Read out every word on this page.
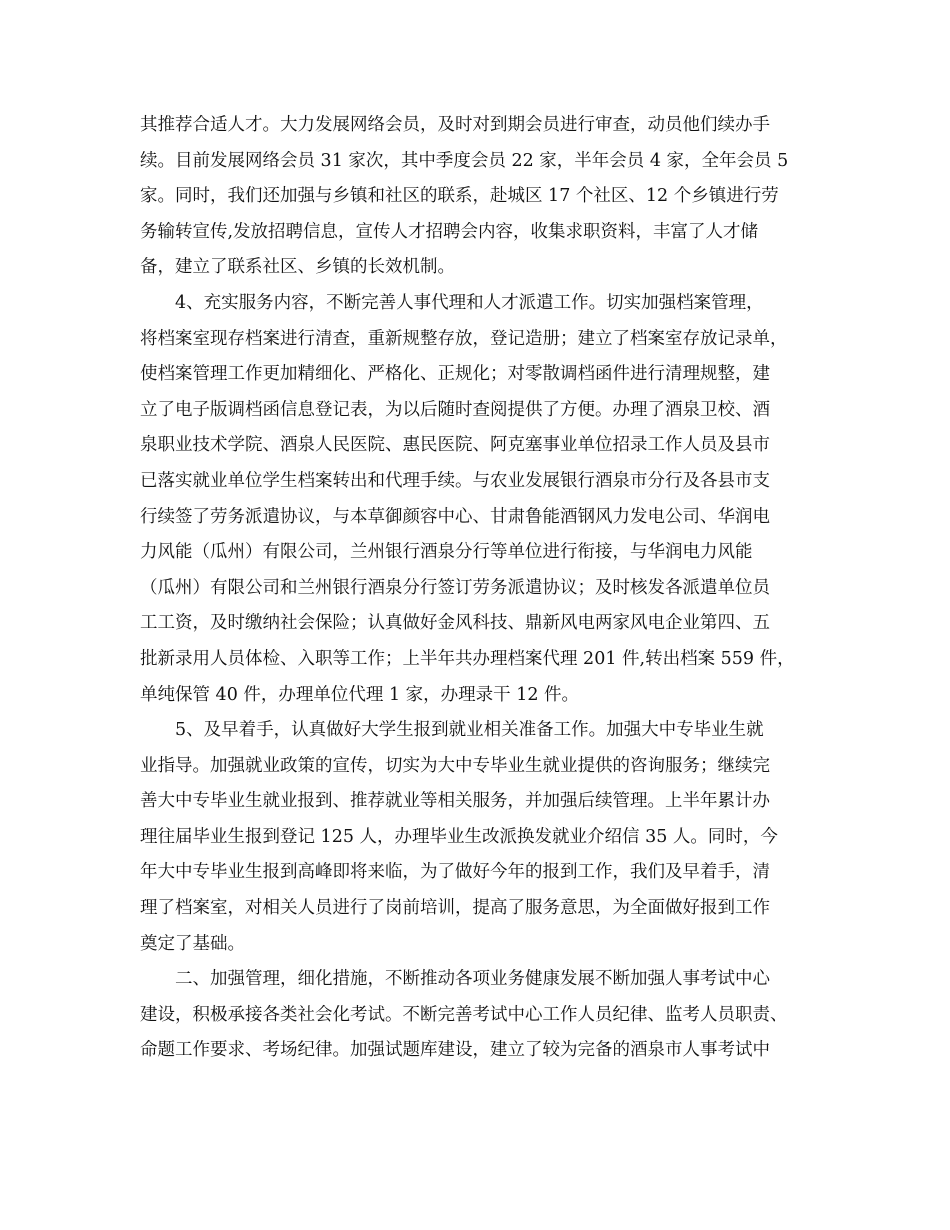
其推荐合适人才。大力发展网络会员，及时对到期会员进行审查，动员他们续办手
续。目前发展网络会员 31 家次，其中季度会员 22 家，半年会员 4 家，全年会员 5
家。同时，我们还加强与乡镇和社区的联系，赴城区 17 个社区、12 个乡镇进行劳
务输转宣传,发放招聘信息，宣传人才招聘会内容，收集求职资料，丰富了人才储
备，建立了联系社区、乡镇的长效机制。
4、充实服务内容，不断完善人事代理和人才派遣工作。切实加强档案管理，
将档案室现存档案进行清查，重新规整存放，登记造册；建立了档案室存放记录单，
使档案管理工作更加精细化、严格化、正规化；对零散调档函件进行清理规整，建
立了电子版调档函信息登记表，为以后随时查阅提供了方便。办理了酒泉卫校、酒
泉职业技术学院、酒泉人民医院、惠民医院、阿克塞事业单位招录工作人员及县市
已落实就业单位学生档案转出和代理手续。与农业发展银行酒泉市分行及各县市支
行续签了劳务派遣协议，与本草御颜容中心、甘肃鲁能酒钢风力发电公司、华润电
力风能（瓜州）有限公司，兰州银行酒泉分行等单位进行衔接，与华润电力风能
（瓜州）有限公司和兰州银行酒泉分行签订劳务派遣协议；及时核发各派遣单位员
工工资，及时缴纳社会保险；认真做好金风科技、鼎新风电两家风电企业第四、五
批新录用人员体检、入职等工作；上半年共办理档案代理 201 件,转出档案 559 件，
单纯保管 40 件，办理单位代理 1 家，办理录干 12 件。
5、及早着手，认真做好大学生报到就业相关准备工作。加强大中专毕业生就
业指导。加强就业政策的宣传，切实为大中专毕业生就业提供的咨询服务；继续完
善大中专毕业生就业报到、推荐就业等相关服务，并加强后续管理。上半年累计办
理往届毕业生报到登记 125 人，办理毕业生改派换发就业介绍信 35 人。同时，今
年大中专毕业生报到高峰即将来临，为了做好今年的报到工作，我们及早着手，清
理了档案室，对相关人员进行了岗前培训，提高了服务意思，为全面做好报到工作
奠定了基础。
二、加强管理，细化措施，不断推动各项业务健康发展不断加强人事考试中心
建设，积极承接各类社会化考试。不断完善考试中心工作人员纪律、监考人员职责、
命题工作要求、考场纪律。加强试题库建设，建立了较为完备的酒泉市人事考试中
